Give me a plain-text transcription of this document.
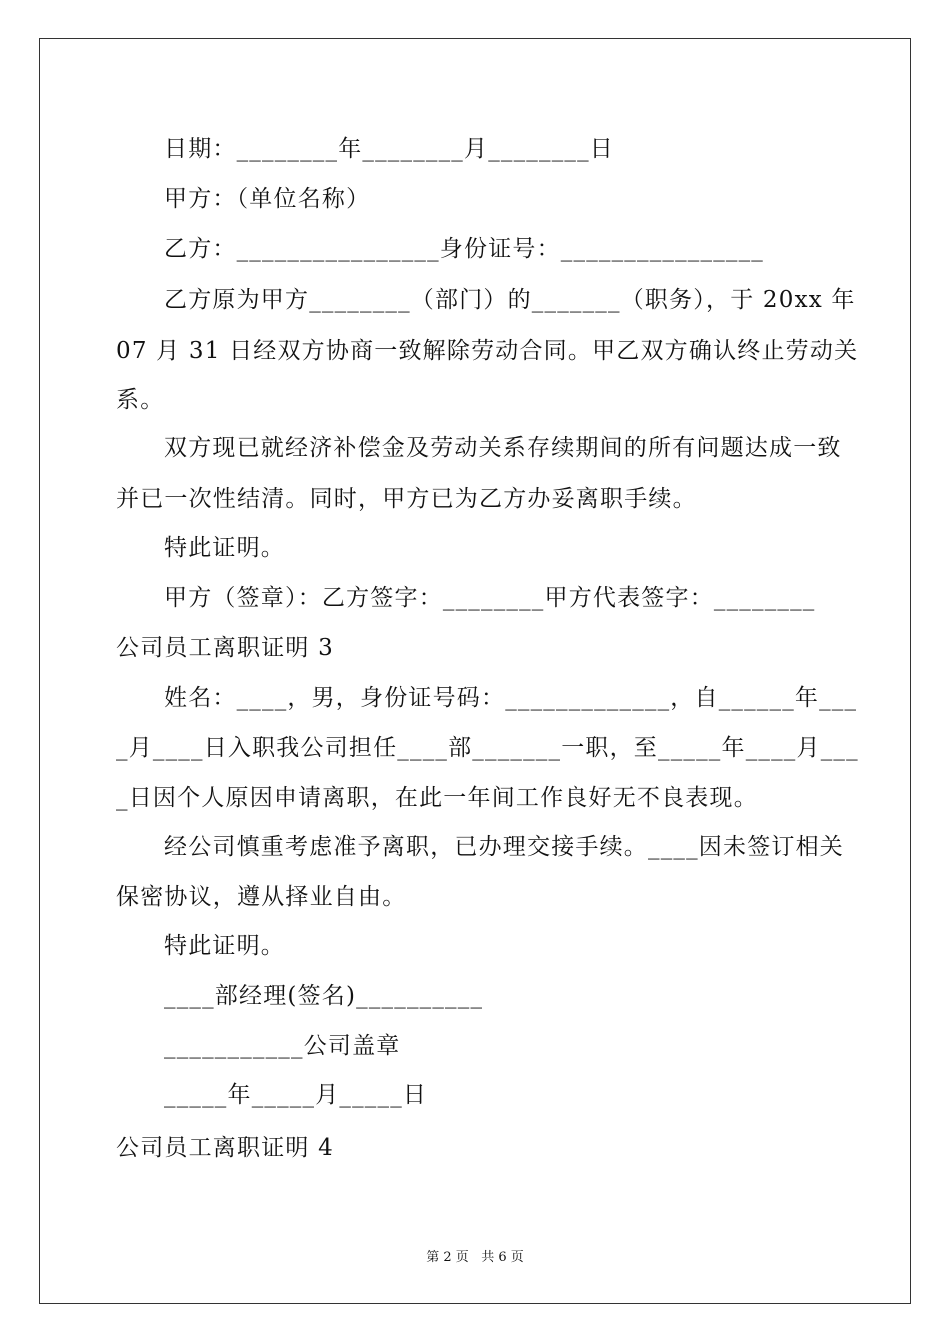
日期：________年________月________日
甲方：（单位名称）
乙方：________________身份证号：________________
乙方原为甲方________（部门）的_______（职务），于 20xx 年
07 月 31 日经双方协商一致解除劳动合同。甲乙双方确认终止劳动关
系。
双方现已就经济补偿金及劳动关系存续期间的所有问题达成一致
并已一次性结清。同时，甲方已为乙方办妥离职手续。
特此证明。
甲方（签章）：乙方签字：________甲方代表签字：________
公司员工离职证明 3
姓名：____，男，身份证号码：_____________，自______年___
_月____日入职我公司担任____部_______一职，至_____年____月___
_日因个人原因申请离职，在此一年间工作良好无不良表现。
经公司慎重考虑准予离职，已办理交接手续。____因未签订相关
保密协议，遵从择业自由。
特此证明。
____部经理(签名)__________
___________公司盖章
_____年_____月_____日
公司员工离职证明 4
第 2 页   共 6 页
